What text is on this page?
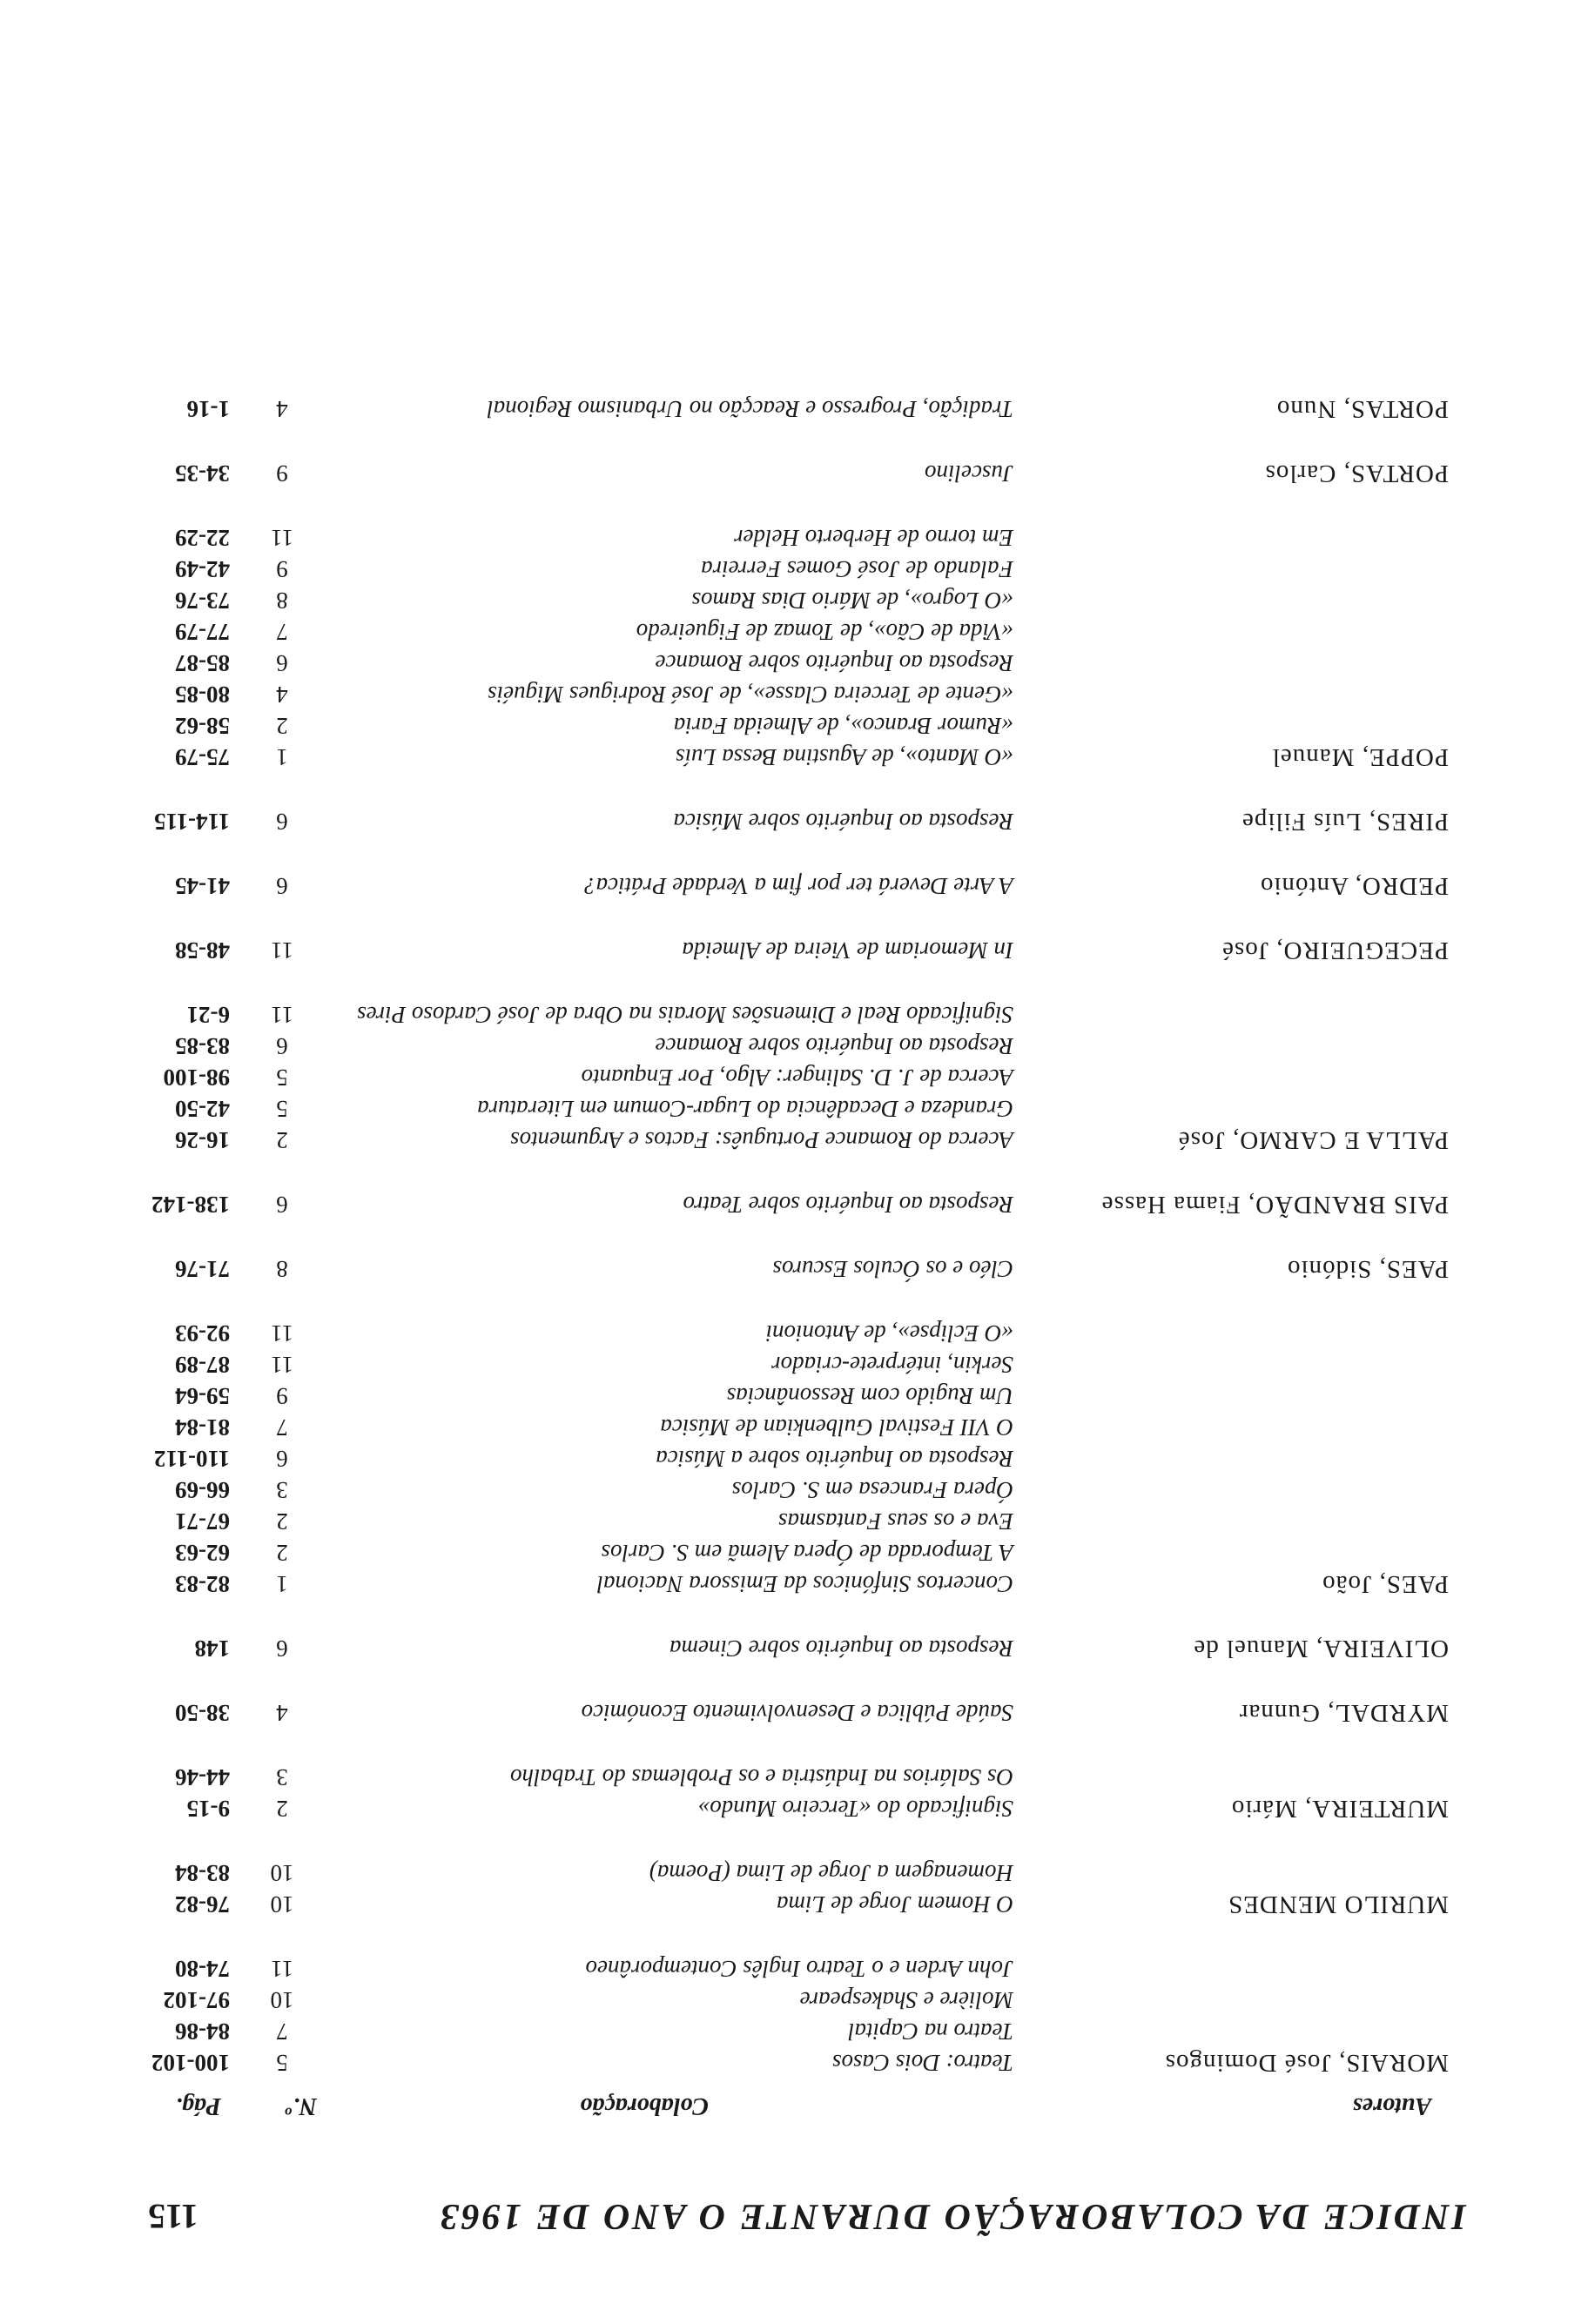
INDICE DA COLABORAÇÃO DURANTE O ANO DE 1963
115
Autores
Colaboração
N.º
Pág.
MORAIS, José Domingos
Teatro: Dois Casos
5
100-102
Teatro na Capital
7
84-86
Molière e Shakespeare
10
97-102
John Arden e o Teatro Inglês Contemporâneo
11
74-80
MURILO MENDES
O Homem Jorge de Lima
10
76-82
Homenagem a Jorge de Lima (Poema)
10
83-84
MURTEIRA, Mário
Significado do «Terceiro Mundo»
2
9-15
Os Salários na Indústria e os Problemas do Trabalho
3
44-46
MYRDAL, Gunnar
Saúde Pública e Desenvolvimento Económico
4
38-50
OLIVEIRA, Manuel de
Resposta ao Inquérito sobre Cinema
6
148
PAES, João
Concertos Sinfónicos da Emissora Nacional
1
82-83
A Temporada de Ópera Alemã em S. Carlos
2
62-63
Eva e os seus Fantasmas
2
67-71
Ópera Francesa em S. Carlos
3
66-69
Resposta ao Inquérito sobre a Música
6
110-112
O VII Festival Gulbenkian de Música
7
81-84
Um Rugido com Ressonâncias
9
59-64
Serkin, intérprete-criador
11
87-89
«O Eclipse», de Antonioni
11
92-93
PAES, Sidónio
Cléo e os Óculos Escuros
8
71-76
PAIS BRANDÃO, Fiama Hasse
Resposta ao Inquérito sobre Teatro
6
138-142
PALLA E CARMO, José
Acerca do Romance Português: Factos e Argumentos
2
16-26
Grandeza e Decadência do Lugar-Comum em Literatura
5
42-50
Acerca de J. D. Salinger: Algo, Por Enquanto
5
98-100
Resposta ao Inquérito sobre Romance
6
83-85
Significado Real e Dimensões Morais na Obra de José Cardoso Pires
11
6-21
PECEGUEIRO, José
In Memoriam de Vieira de Almeida
11
48-58
PEDRO, António
A Arte Deverá ter por fim a Verdade Prática?
6
41-45
PIRES, Luís Filipe
Resposta ao Inquérito sobre Música
6
114-115
POPPE, Manuel
«O Manto», de Agustina Bessa Luís
1
75-79
«Rumor Branco», de Almeida Faria
2
58-62
«Gente de Terceira Classe», de José Rodrigues Miguéis
4
80-85
Resposta ao Inquérito sobre Romance
6
85-87
«Vida de Cão», de Tomaz de Figueiredo
7
77-79
«O Logro», de Mário Dias Ramos
8
73-76
Falando de José Gomes Ferreira
9
42-49
Em torno de Herberto Helder
11
22-29
PORTAS, Carlos
Juscelino
9
34-35
PORTAS, Nuno
Tradição, Progresso e Reacção no Urbanismo Regional
4
1-16
